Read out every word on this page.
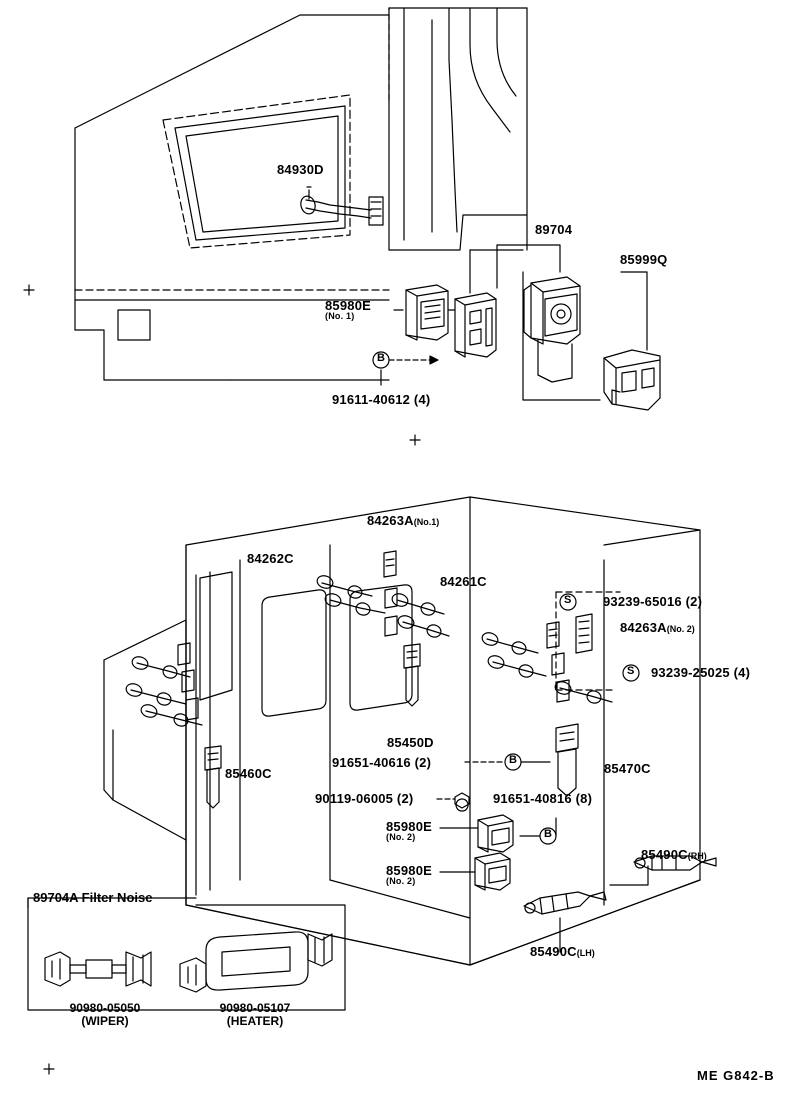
84930D
89704
85999Q
85980E
(No. 1)
91611-40612 (4)
84263A(No.1)
84262C
84261C
93239-65016 (2)
84263A(No. 2)
93239-25025 (4)
85450D
85470C
91651-40616 (2)
85460C
90119-06005 (2)	91651-40816 (8)
85980E
(No. 2)
85980E
(No. 2)
85490C(RH)
85490C(LH)
B
S
S
B
B
89704A Filter Noise
90980-05050
(WIPER)
90980-05107
(HEATER)
ME G842-B
